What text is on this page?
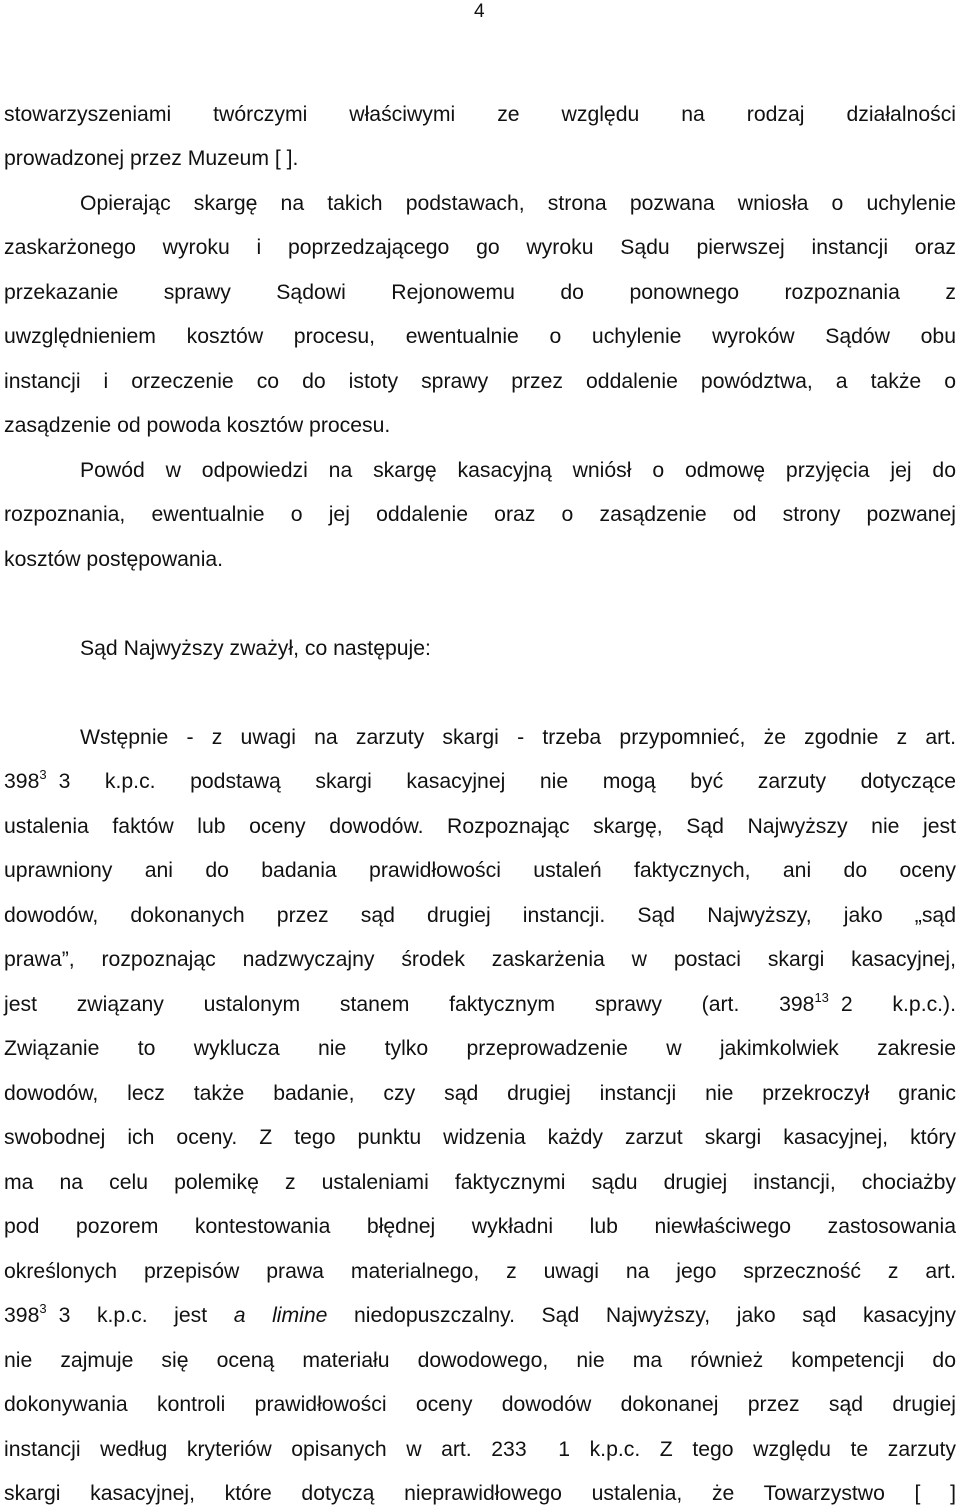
4

stowarzyszeniami twórczymi właściwymi ze względu na rodzaj działalności

prowadzonej przez Muzeum [ ].

Opierając skargę na takich podstawach, strona pozwana wniosła o uchylenie

zaskarżonego wyroku i poprzedzającego go wyroku Sądu pierwszej instancji oraz

przekazanie sprawy Sądowi Rejonowemu do ponownego rozpoznania z

uwzględnieniem kosztów procesu, ewentualnie o uchylenie wyroków Sądów obu

instancji i orzeczenie co do istoty sprawy przez oddalenie powództwa, a także o

zasądzenie od powoda kosztów procesu.

Powód w odpowiedzi na skargę kasacyjną wniósł o odmowę przyjęcia jej do

rozpoznania, ewentualnie o jej oddalenie oraz o zasądzenie od strony pozwanej

kosztów postępowania.

Sąd Najwyższy zważył, co następuje:

Wstępnie - z uwagi na zarzuty skargi - trzeba przypomnieć, że zgodnie z art.

$398^3$ 3 k.p.c. podstawą skargi kasacyjnej nie mogą być zarzuty dotyczące

ustalenia faktów lub oceny dowodów. Rozpoznając skargę, Sąd Najwyższy nie jest

uprawniony ani do badania prawidłowości ustaleń faktycznych, ani do oceny

dowodów, dokonanych przez sąd drugiej instancji. Sąd Najwyższy, jako „sąd

prawa”, rozpoznając nadzwyczajny środek zaskarżenia w postaci skargi kasacyjnej,

jest związany ustalonym stanem faktycznym sprawy (art. $398^{13}$ 2 k.p.c.).

Związanie to wyklucza nie tylko przeprowadzenie w jakimkolwiek zakresie

dowodów, lecz także badanie, czy sąd drugiej instancji nie przekroczył granic

swobodnej ich oceny. Z tego punktu widzenia każdy zarzut skargi kasacyjnej, który

ma na celu polemikę z ustaleniami faktycznymi sądu drugiej instancji, chociażby

pod pozorem kontestowania błędnej wykładni lub niewłaściwego zastosowania

określonych przepisów prawa materialnego, z uwagi na jego sprzeczność z art.

$398^3$ 3 k.p.c. jest a limine niedopuszczalny. Sąd Najwyższy, jako sąd kasacyjny

nie zajmuje się oceną materiału dowodowego, nie ma również kompetencji do

dokonywania kontroli prawidłowości oceny dowodów dokonanej przez sąd drugiej

instancji według kryteriów opisanych w art. 233 1 k.p.c. Z tego względu te zarzuty

skargi kasacyjnej, które dotyczą nieprawidłowego ustalenia, że Towarzystwo [ ]
